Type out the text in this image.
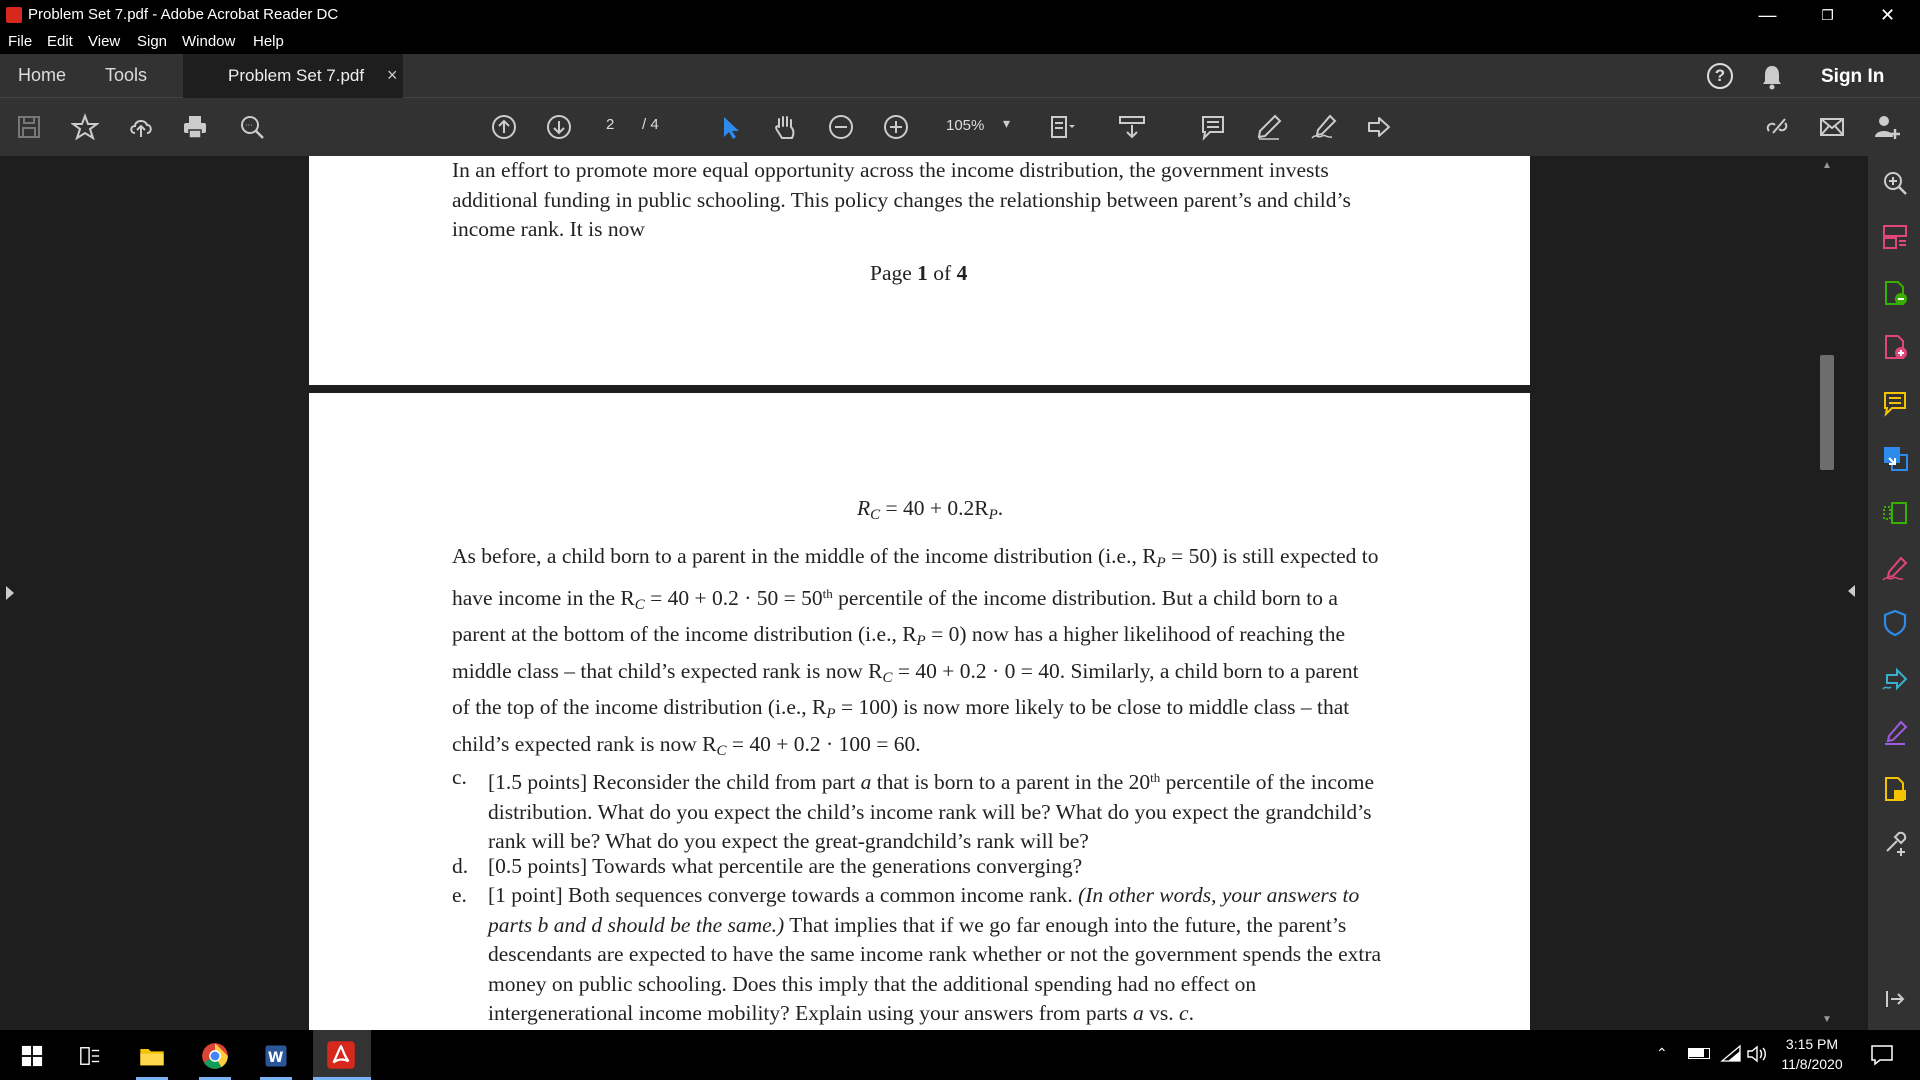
Problem Set 7.pdf - Adobe Acrobat Reader DC	—	❐	✕
File Edit View Sign Window Help
Home Tools	Problem Set 7.pdf ×	?	Sign In
···	2 / 4	105% ▾
In an effort to promote more equal opportunity across the income distribution, the government invests
additional funding in public schooling. This policy changes the relationship between parent’s and child’s
income rank. It is now
Page 1 of 4
$R_C = 40 + 0.2R_P$.
As before, a child born to a parent in the middle of the income distribution (i.e., $R_P = 50$) is still expected to
have income in the $R_C = 40 + 0.2 \cdot 50 = 50th$ percentile of the income distribution. But a child born to a
parent at the bottom of the income distribution (i.e., $R_P = 0$) now has a higher likelihood of reaching the
middle class – that child’s expected rank is now $R_C = 40 + 0.2 \cdot 0 = 40$. Similarly, a child born to a parent
of the top of the income distribution (i.e., $R_P = 100$) is now more likely to be close to middle class – that
child’s expected rank is now $R_C = 40 + 0.2 \cdot 100 = 60$.
c. [1.5 points] Reconsider the child from part a that is born to a parent in the 20th percentile of the income
distribution. What do you expect the child’s income rank will be? What do you expect the grandchild’s
rank will be? What do you expect the great-grandchild’s rank will be?
d. [0.5 points] Towards what percentile are the generations converging?
e. [1 point] Both sequences converge towards a common income rank. (In other words, your answers to
parts b and d should be the same.) That implies that if we go far enough into the future, the parent’s
descendants are expected to have the same income rank whether or not the government spends the extra
money on public schooling. Does this imply that the additional spending had no effect on
intergenerational income mobility? Explain using your answers from parts a vs. c.
▲
▼
W	⌃
3:15 PM
11/8/2020
